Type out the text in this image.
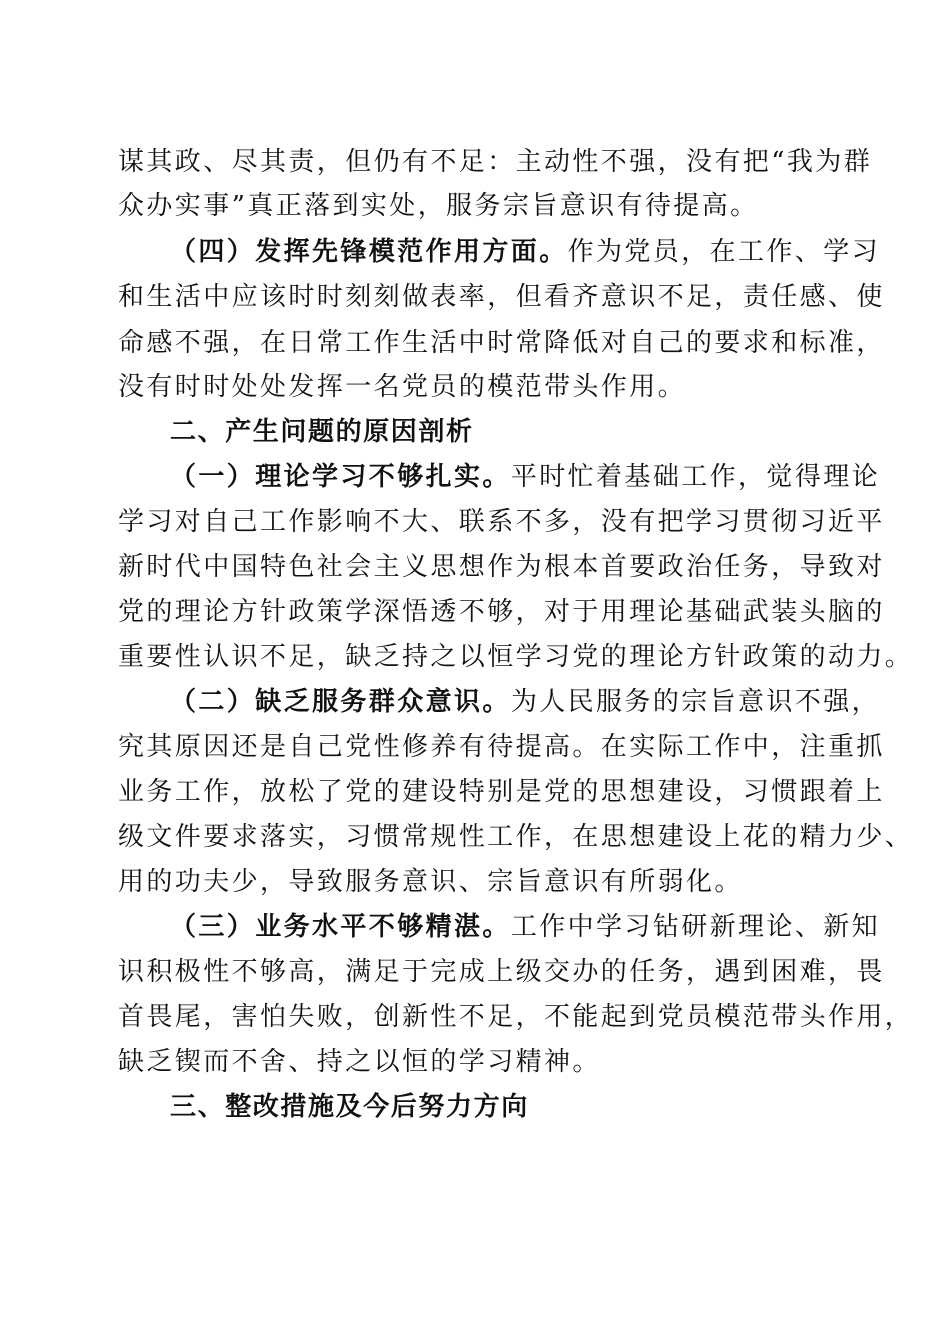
谋其政、尽其责，但仍有不足：主动性不强，没有把“我为群
众办实事”真正落到实处，服务宗旨意识有待提高。
（四）发挥先锋模范作用方面。作为党员，在工作、学习
和生活中应该时时刻刻做表率，但看齐意识不足，责任感、使
命感不强，在日常工作生活中时常降低对自己的要求和标准，
没有时时处处发挥一名党员的模范带头作用。
二、产生问题的原因剖析
（一）理论学习不够扎实。平时忙着基础工作，觉得理论
学习对自己工作影响不大、联系不多，没有把学习贯彻习近平
新时代中国特色社会主义思想作为根本首要政治任务，导致对
党的理论方针政策学深悟透不够，对于用理论基础武装头脑的
重要性认识不足，缺乏持之以恒学习党的理论方针政策的动力。
（二）缺乏服务群众意识。为人民服务的宗旨意识不强，
究其原因还是自己党性修养有待提高。在实际工作中，注重抓
业务工作，放松了党的建设特别是党的思想建设，习惯跟着上
级文件要求落实，习惯常规性工作，在思想建设上花的精力少、
用的功夫少，导致服务意识、宗旨意识有所弱化。
（三）业务水平不够精湛。工作中学习钻研新理论、新知
识积极性不够高，满足于完成上级交办的任务，遇到困难，畏
首畏尾，害怕失败，创新性不足，不能起到党员模范带头作用，
缺乏锲而不舍、持之以恒的学习精神。
三、整改措施及今后努力方向
